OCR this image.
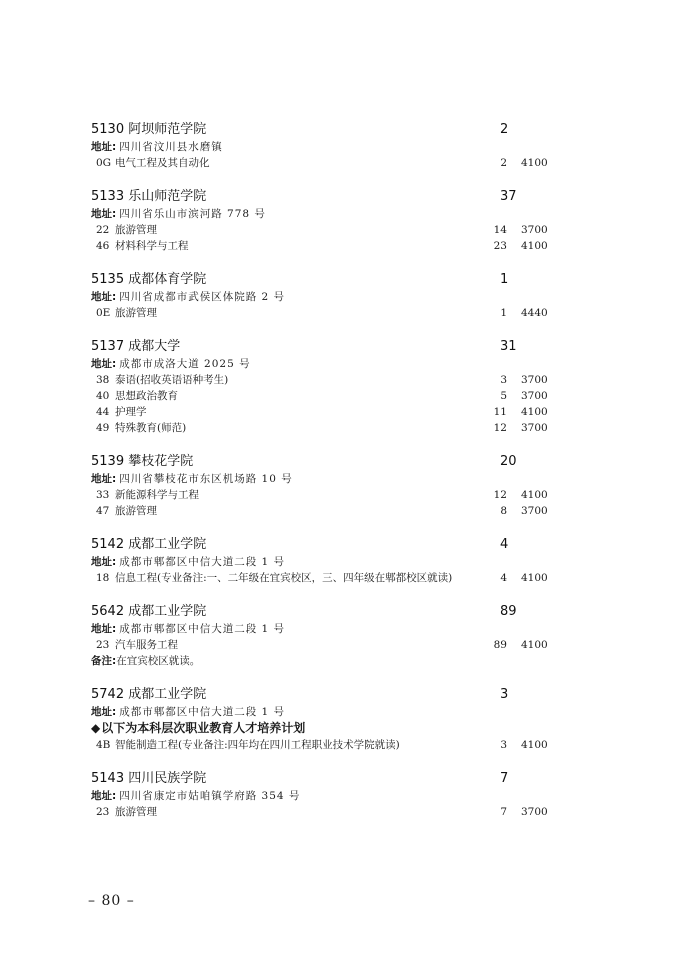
5130 阿坝师范学院	2
地址: 四川省汶川县水磨镇
0G 电气工程及其自动化	2 4100
5133 乐山师范学院	37
地址: 四川省乐山市滨河路 778 号
22 旅游管理	14 3700
46 材料科学与工程	23 4100
5135 成都体育学院	1
地址: 四川省成都市武侯区体院路 2 号
0E 旅游管理	1 4440
5137 成都大学	31
地址: 成都市成洛大道 2025 号
38 泰语(招收英语语种考生)	3 3700
40 思想政治教育	5 3700
44 护理学	11 4100
49 特殊教育(师范)	12 3700
5139 攀枝花学院	20
地址: 四川省攀枝花市东区机场路 10 号
33 新能源科学与工程	12 4100
47 旅游管理	8 3700
5142 成都工业学院	4
地址: 成都市郫都区中信大道二段 1 号
18 信息工程(专业备注:一、二年级在宜宾校区，三、四年级在郫都校区就读)	4 4100
5642 成都工业学院	89
地址: 成都市郫都区中信大道二段 1 号
23 汽车服务工程	89 4100
备注:在宜宾校区就读。
5742 成都工业学院	3
地址: 成都市郫都区中信大道二段 1 号
◆以下为本科层次职业教育人才培养计划
4B 智能制造工程(专业备注:四年均在四川工程职业技术学院就读)	3 4100
5143 四川民族学院	7
地址: 四川省康定市姑咱镇学府路 354 号
23 旅游管理	7 3700
– 80 –
